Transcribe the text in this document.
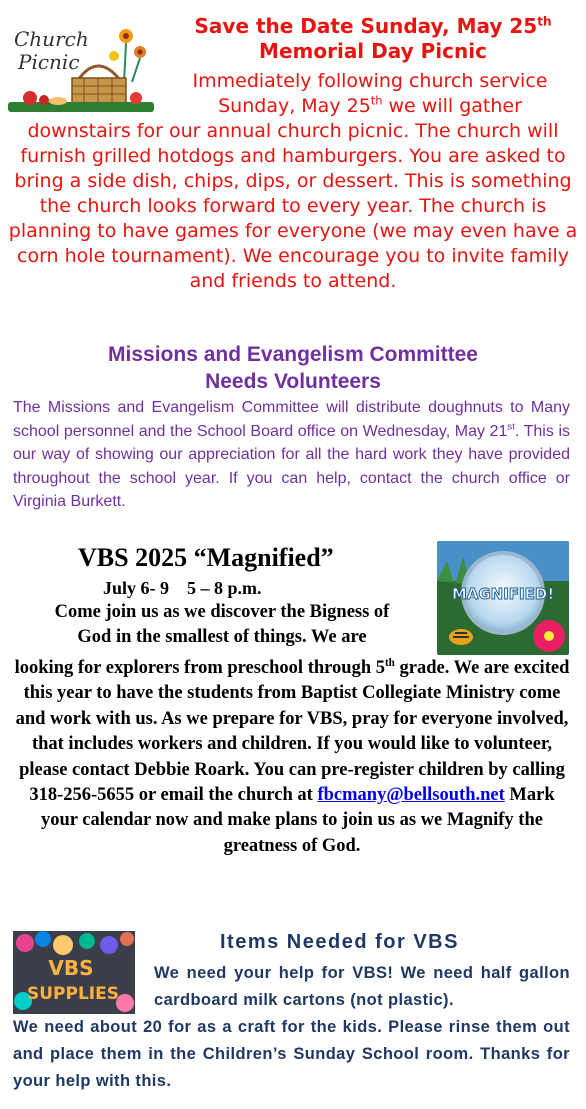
Church
Picnic
Save the Date Sunday, May 25th
Memorial Day Picnic
Immediately following church service
Sunday, May 25th we will gather
downstairs for our annual church picnic. The church will furnish grilled hotdogs and hamburgers. You are asked to bring a side dish, chips, dips, or dessert. This is something the church looks forward to every year. The church is planning to have games for everyone (we may even have a corn hole tournament). We encourage you to invite family and friends to attend.
Missions and Evangelism Committee
Needs Volunteers
The Missions and Evangelism Committee will distribute doughnuts to Many school personnel and the School Board office on Wednesday, May 21st. This is our way of showing our appreciation for all the hard work they have provided throughout the school year. If you can help, contact the church office or Virginia Burkett.
VBS 2025 “Magnified”
July 6- 9    5 – 8 p.m.
Come join us as we discover the Bigness of
God in the smallest of things. We are
looking for explorers from preschool through 5th grade. We are excited this year to have the students from Baptist Collegiate Ministry come and work with us. As we prepare for VBS, pray for everyone involved, that includes workers and children. If you would like to volunteer, please contact Debbie Roark. You can pre-register children by calling 318-256-5655 or email the church at fbcmany@bellsouth.net Mark your calendar now and make plans to join us as we Magnify the greatness of God.
MAGNIFIED!
VBS
SUPPLIES
Items Needed for VBS
We need your help for VBS! We need half gallon cardboard milk cartons (not plastic).
We need about 20 for as a craft for the kids. Please rinse them out and place them in the Children’s Sunday School room. Thanks for your help with this.
